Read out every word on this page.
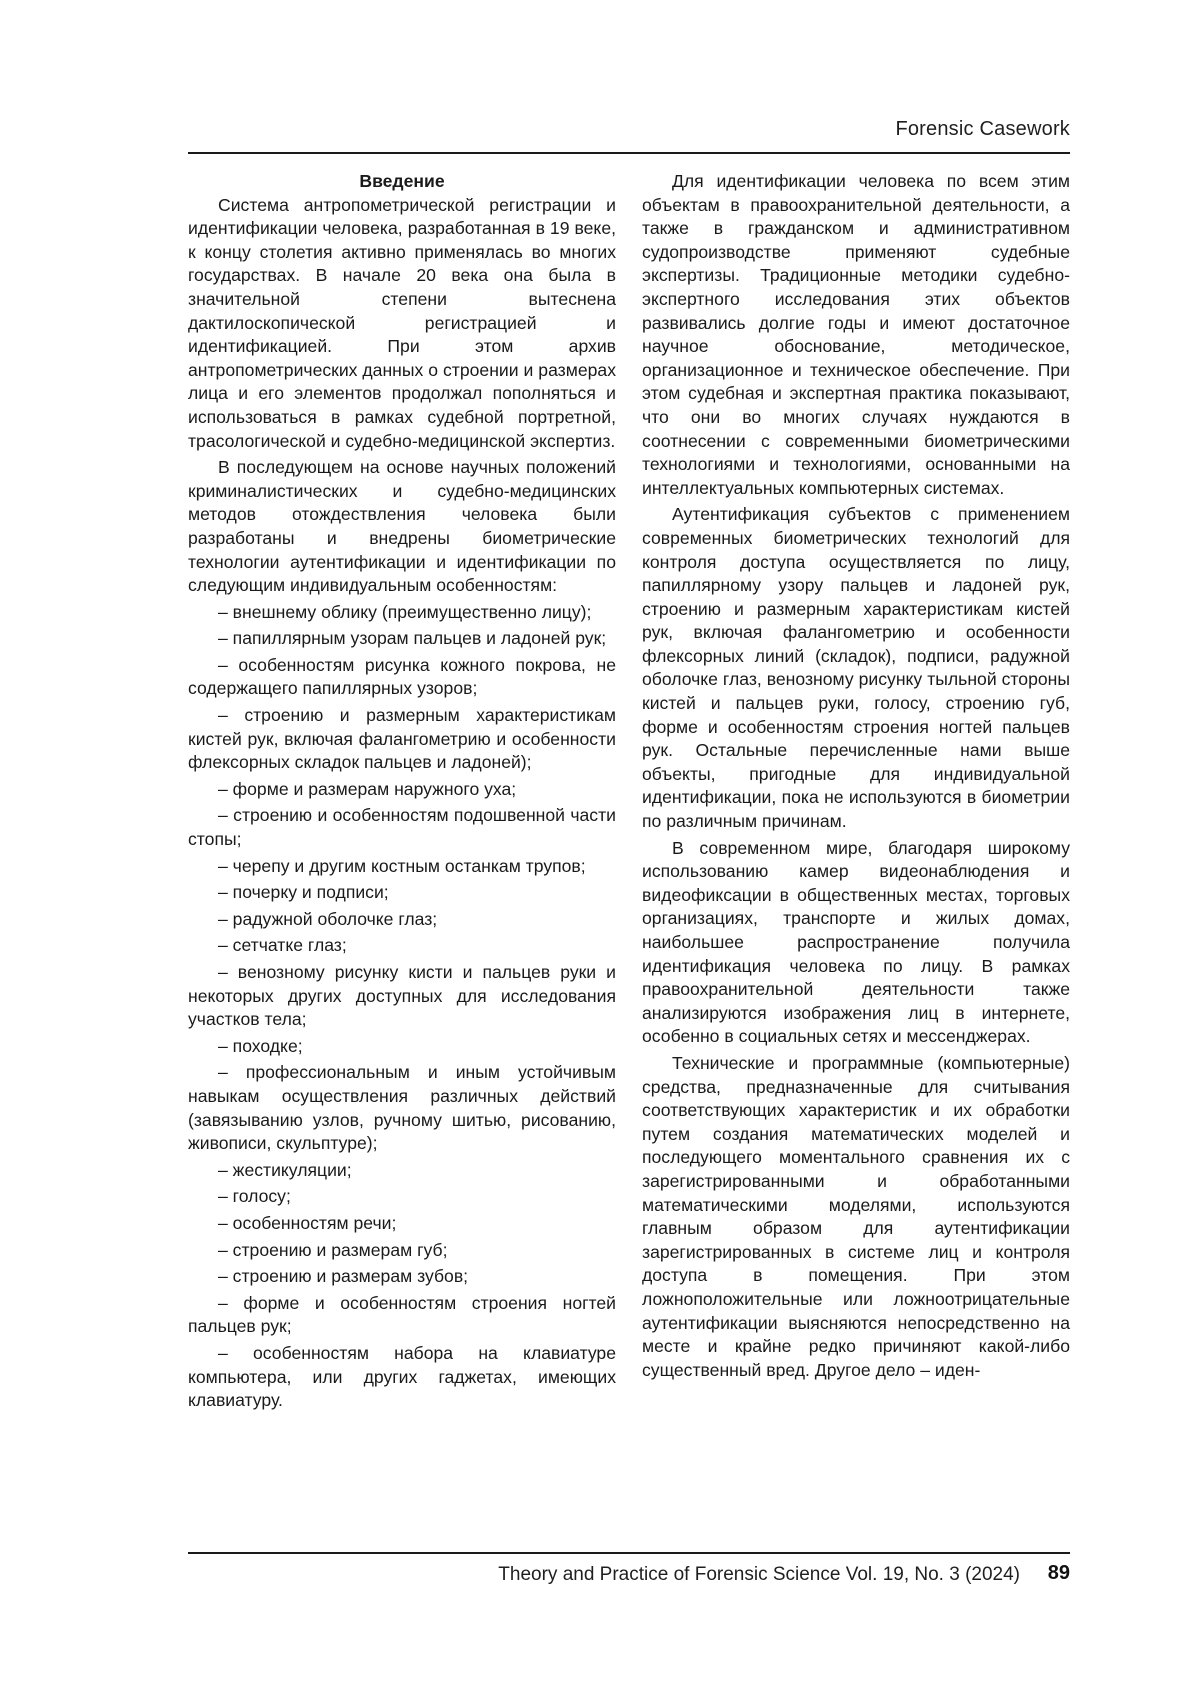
Forensic Casework
Введение

Система антропометрической регистрации и идентификации человека, разработанная в 19 веке, к концу столетия активно применялась во многих государствах. В начале 20 века она была в значительной степени вытеснена дактилоскопической регистрацией и идентификацией. При этом архив антропометрических данных о строении и размерах лица и его элементов продолжал пополняться и использоваться в рамках судебной портретной, трасологической и судебно-медицинской экспертиз.

В последующем на основе научных положений криминалистических и судебно-медицинских методов отождествления человека были разработаны и внедрены биометрические технологии аутентификации и идентификации по следующим индивидуальным особенностям:

– внешнему облику (преимущественно лицу);

– папиллярным узорам пальцев и ладоней рук;

– особенностям рисунка кожного покрова, не содержащего папиллярных узоров;

– строению и размерным характеристикам кистей рук, включая фалангометрию и особенности флексорных складок пальцев и ладоней);

– форме и размерам наружного уха;

– строению и особенностям подошвенной части стопы;

– черепу и другим костным останкам трупов;

– почерку и подписи;

– радужной оболочке глаз;

– сетчатке глаз;

– венозному рисунку кисти и пальцев руки и некоторых других доступных для исследования участков тела;

– походке;

– профессиональным и иным устойчивым навыкам осуществления различных действий (завязыванию узлов, ручному шитью, рисованию, живописи, скульптуре);

– жестикуляции;

– голосу;

– особенностям речи;

– строению и размерам губ;

– строению и размерам зубов;

– форме и особенностям строения ногтей пальцев рук;

– особенностям набора на клавиатуре компьютера, или других гаджетах, имеющих клавиатуру.

Для идентификации человека по всем этим объектам в правоохранительной деятельности, а также в гражданском и административном судопроизводстве применяют судебные экспертизы. Традиционные методики судебно-экспертного исследования этих объектов развивались долгие годы и имеют достаточное научное обоснование, методическое, организационное и техническое обеспечение. При этом судебная и экспертная практика показывают, что они во многих случаях нуждаются в соотнесении с современными биометрическими технологиями и технологиями, основанными на интеллектуальных компьютерных системах.

Аутентификация субъектов с применением современных биометрических технологий для контроля доступа осуществляется по лицу, папиллярному узору пальцев и ладоней рук, строению и размерным характеристикам кистей рук, включая фалангометрию и особенности флексорных линий (складок), подписи, радужной оболочке глаз, венозному рисунку тыльной стороны кистей и пальцев руки, голосу, строению губ, форме и особенностям строения ногтей пальцев рук. Остальные перечисленные нами выше объекты, пригодные для индивидуальной идентификации, пока не используются в биометрии по различным причинам.

В современном мире, благодаря широкому использованию камер видеонаблюдения и видеофиксации в общественных местах, торговых организациях, транспорте и жилых домах, наибольшее распространение получила идентификация человека по лицу. В рамках правоохранительной деятельности также анализируются изображения лиц в интернете, особенно в социальных сетях и мессенджерах.

Технические и программные (компьютерные) средства, предназначенные для считывания соответствующих характеристик и их обработки путем создания математических моделей и последующего моментального сравнения их с зарегистрированными и обработанными математическими моделями, используются главным образом для аутентификации зарегистрированных в системе лиц и контроля доступа в помещения. При этом ложноположительные или ложноотрицательные аутентификации выясняются непосредственно на месте и крайне редко причиняют какой-либо существенный вред. Другое дело – иден-

Theory and Practice of Forensic Science Vol. 19, No. 3 (2024)	89
